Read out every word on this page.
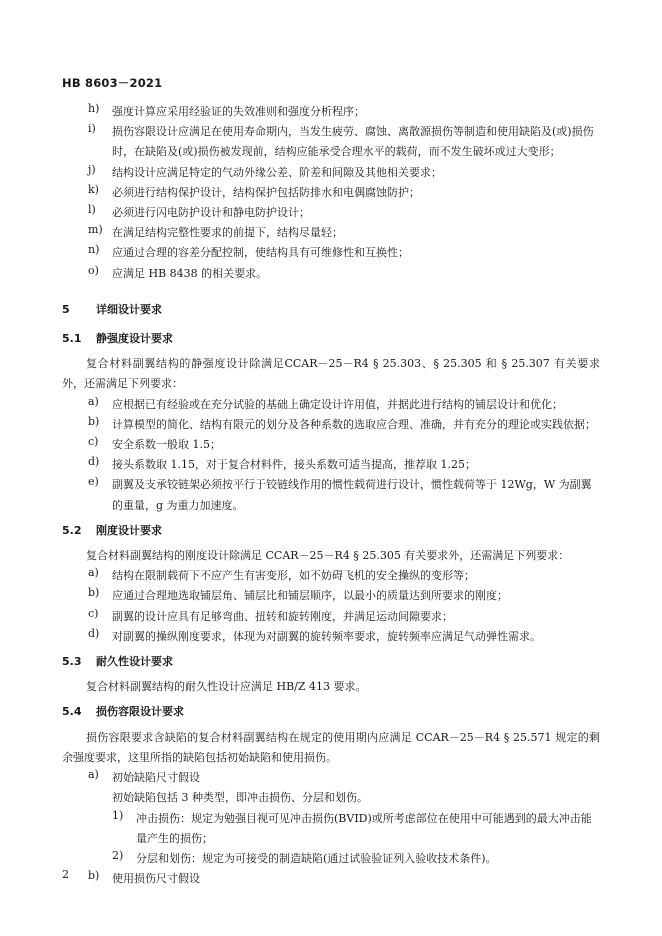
HB 8603－2021
h)	强度计算应采用经验证的失效准则和强度分析程序；
i)	损伤容限设计应满足在使用寿命期内，当发生疲劳、腐蚀、离散源损伤等制造和使用缺陷及(或)损伤时，在缺陷及(或)损伤被发现前，结构应能承受合理水平的载荷，而不发生破坏或过大变形；
j)	结构设计应满足特定的气动外缘公差、阶差和间隙及其他相关要求；
k)	必须进行结构保护设计，结构保护包括防排水和电偶腐蚀防护；
l)	必须进行闪电防护设计和静电防护设计；
m) 在满足结构完整性要求的前提下，结构尽量轻；
n)	应通过合理的容差分配控制，使结构具有可维修性和互换性；
o)	应满足 HB 8438 的相关要求。

5 详细设计要求

5.1 静强度设计要求

复合材料副翼结构的静强度设计除满足CCAR－25－R4 § 25.303、§ 25.305 和 § 25.307 有关要求外，还需满足下列要求：

a)	应根据已有经验或在充分试验的基础上确定设计许用值，并据此进行结构的铺层设计和优化；
b)	计算模型的简化、结构有限元的划分及各种系数的选取应合理、准确，并有充分的理论或实践依据；
c)	安全系数一般取 1.5；
d)	接头系数取 1.15，对于复合材料件，接头系数可适当提高，推荐取 1.25；
e)	副翼及支承铰链架必须按平行于铰链线作用的惯性载荷进行设计，惯性载荷等于 12Wg，W 为副翼的重量，g 为重力加速度。

5.2 刚度设计要求

复合材料副翼结构的刚度设计除满足 CCAR－25－R4 § 25.305 有关要求外，还需满足下列要求：

a)	结构在限制载荷下不应产生有害变形，如不妨碍飞机的安全操纵的变形等；
b)	应通过合理地选取铺层角、铺层比和铺层顺序，以最小的质量达到所要求的刚度；
c)	副翼的设计应具有足够弯曲、扭转和旋转刚度，并满足运动间隙要求；
d)	对副翼的操纵刚度要求，体现为对副翼的旋转频率要求，旋转频率应满足气动弹性需求。

5.3 耐久性设计要求

复合材料副翼结构的耐久性设计应满足 HB/Z 413 要求。

5.4 损伤容限设计要求

损伤容限要求含缺陷的复合材料副翼结构在规定的使用期内应满足 CCAR－25－R4 § 25.571 规定的剩余强度要求，这里所指的缺陷包括初始缺陷和使用损伤。

a)	初始缺陷尺寸假设
初始缺陷包括 3 种类型，即冲击损伤、分层和划伤。
1)	冲击损伤：规定为勉强目视可见冲击损伤(BVID)或所考虑部位在使用中可能遇到的最大冲击能量产生的损伤；
2)	分层和划伤：规定为可接受的制造缺陷(通过试验验证列入验收技术条件)。
b)	使用损伤尺寸假设
2
